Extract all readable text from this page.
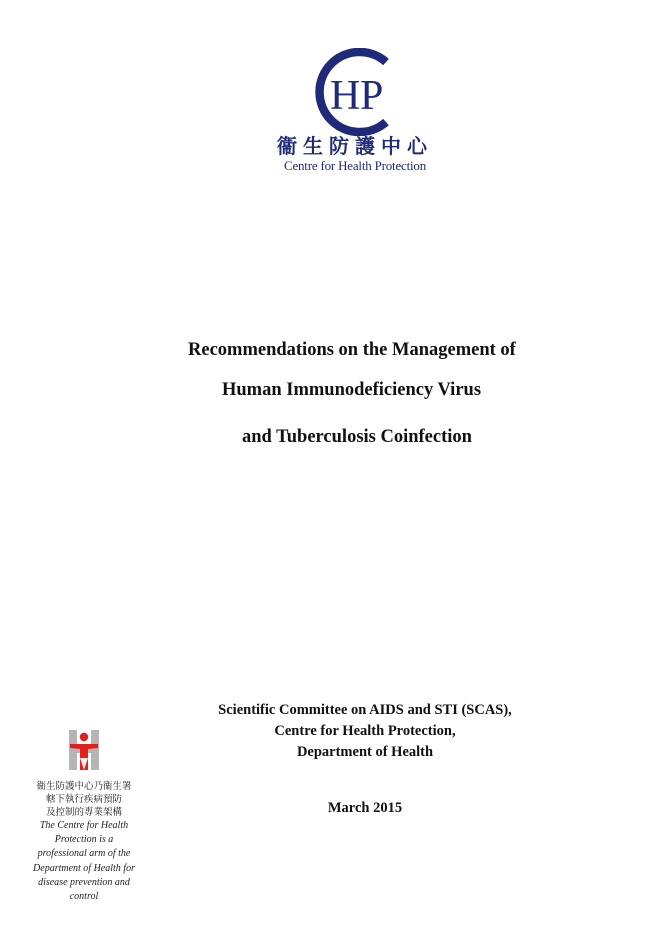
H P
衞生防護中心
Centre for Health Protection
Recommendations on the Management of
Human Immunodeficiency Virus
and Tuberculosis Coinfection
Scientific Committee on AIDS and STI (SCAS),
Centre for Health Protection,
Department of Health
March 2015
衞生防護中心乃衞生署
轄下執行疾病預防
及控制的專業架構
The Centre for Health
Protection is a
professional arm of the
Department of Health for
disease prevention and
control
